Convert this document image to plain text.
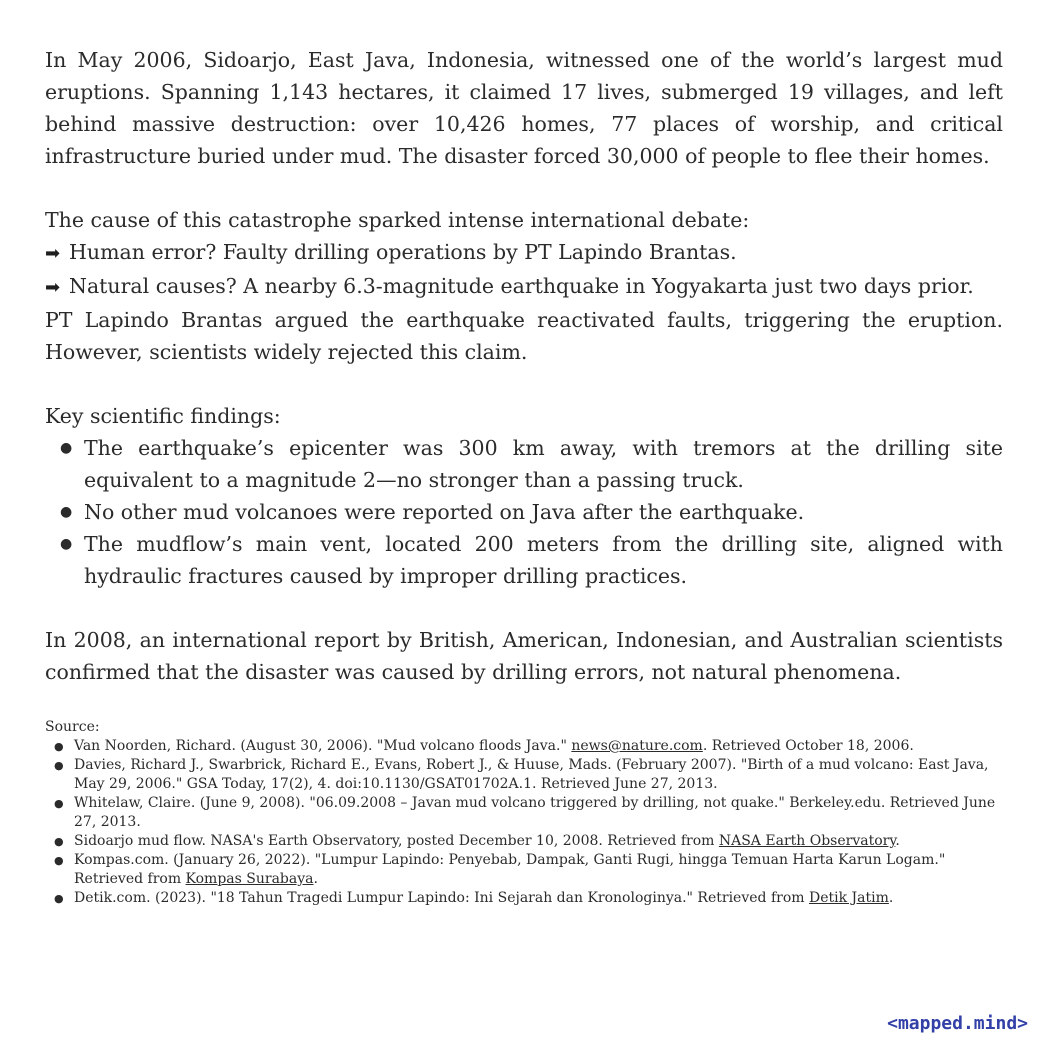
In May 2006, Sidoarjo, East Java, Indonesia, witnessed one of the world’s largest mud eruptions. Spanning 1,143 hectares, it claimed 17 lives, submerged 19 villages, and left behind massive destruction: over 10,426 homes, 77 places of worship, and critical infrastructure buried under mud. The disaster forced 30,000 of people to flee their homes.

The cause of this catastrophe sparked intense international debate:

➡ Human error? Faulty drilling operations by PT Lapindo Brantas.

➡ Natural causes? A nearby 6.3-magnitude earthquake in Yogyakarta just two days prior.

PT Lapindo Brantas argued the earthquake reactivated faults, triggering the eruption. However, scientists widely rejected this claim.

Key scientific findings:

● The earthquake’s epicenter was 300 km away, with tremors at the drilling site equivalent to a magnitude 2—no stronger than a passing truck.
● No other mud volcanoes were reported on Java after the earthquake.
● The mudflow’s main vent, located 200 meters from the drilling site, aligned with hydraulic fractures caused by improper drilling practices.

In 2008, an international report by British, American, Indonesian, and Australian scientists confirmed that the disaster was caused by drilling errors, not natural phenomena.

Source:

● Van Noorden, Richard. (August 30, 2006). "Mud volcano floods Java." news@nature.com. Retrieved October 18, 2006.
● Davies, Richard J., Swarbrick, Richard E., Evans, Robert J., & Huuse, Mads. (February 2007). "Birth of a mud volcano: East Java, May 29, 2006." GSA Today, 17(2), 4. doi:10.1130/GSAT01702A.1. Retrieved June 27, 2013.
● Whitelaw, Claire. (June 9, 2008). "06.09.2008 – Javan mud volcano triggered by drilling, not quake." Berkeley.edu. Retrieved June 27, 2013.
● Sidoarjo mud flow. NASA's Earth Observatory, posted December 10, 2008. Retrieved from NASA Earth Observatory.
● Kompas.com. (January 26, 2022). "Lumpur Lapindo: Penyebab, Dampak, Ganti Rugi, hingga Temuan Harta Karun Logam." Retrieved from Kompas Surabaya.
● Detik.com. (2023). "18 Tahun Tragedi Lumpur Lapindo: Ini Sejarah dan Kronologinya." Retrieved from Detik Jatim.
<mapped.mind>
